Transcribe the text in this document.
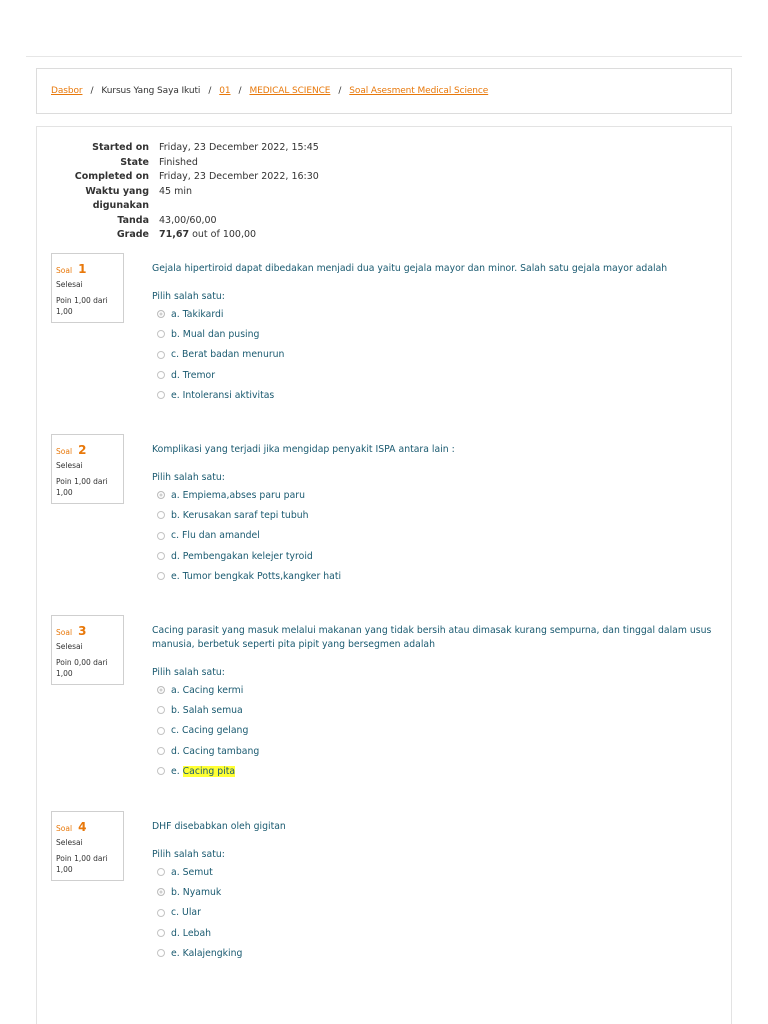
Dasbor / Kursus Yang Saya Ikuti / 01 / MEDICAL SCIENCE / Soal Asesment Medical Science
Started on	Friday, 23 December 2022, 15:45
State	Finished
Completed on	Friday, 23 December 2022, 16:30
Waktu yang
digunakan
45 min
Tanda	43,00/60,00
Grade	71,67 out of 100,00
Soal 1
Selesai
Poin 1,00 dari
1,00
Gejala hipertiroid dapat dibedakan menjadi dua yaitu gejala mayor dan minor. Salah satu gejala mayor adalah
Pilih salah satu:
a. Takikardi
b. Mual dan pusing
c. Berat badan menurun
d. Tremor
e. Intoleransi aktivitas
Soal 2
Selesai
Poin 1,00 dari
1,00
Komplikasi yang terjadi jika mengidap penyakit ISPA antara lain :
Pilih salah satu:
a. Empiema,abses paru paru
b. Kerusakan saraf tepi tubuh
c. Flu dan amandel
d. Pembengakan kelejer tyroid
e. Tumor bengkak Potts,kangker hati
Soal 3
Selesai
Poin 0,00 dari
1,00
Cacing parasit yang masuk melalui makanan yang tidak bersih atau dimasak kurang sempurna, dan tinggal dalam usus manusia, berbetuk seperti pita pipit yang bersegmen adalah
Pilih salah satu:
a. Cacing kermi
b. Salah semua
c. Cacing gelang
d. Cacing tambang
e. Cacing pita
Soal 4
Selesai
Poin 1,00 dari
1,00
DHF disebabkan oleh gigitan
Pilih salah satu:
a. Semut
b. Nyamuk
c. Ular
d. Lebah
e. Kalajengking
